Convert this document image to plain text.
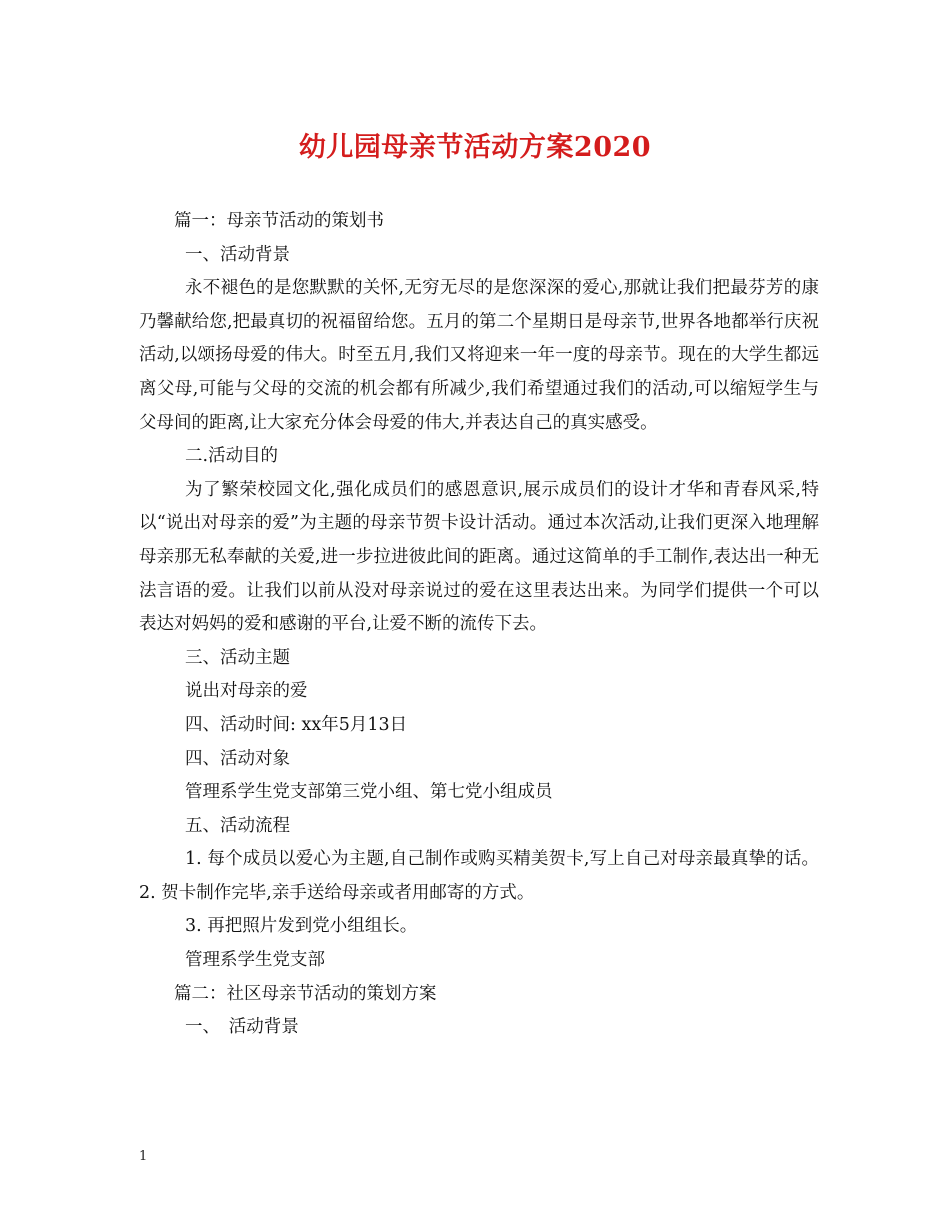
幼儿园母亲节活动方案2020

篇一：母亲节活动的策划书

一、活动背景

永不褪色的是您默默的关怀,无穷无尽的是您深深的爱心,那就让我们把最芬芳的康乃馨献给您,把最真切的祝福留给您。五月的第二个星期日是母亲节,世界各地都举行庆祝活动,以颂扬母爱的伟大。时至五月,我们又将迎来一年一度的母亲节。现在的大学生都远离父母,可能与父母的交流的机会都有所减少,我们希望通过我们的活动,可以缩短学生与父母间的距离,让大家充分体会母爱的伟大,并表达自己的真实感受。

二.活动目的

为了繁荣校园文化,强化成员们的感恩意识,展示成员们的设计才华和青春风采,特以“说出对母亲的爱”为主题的母亲节贺卡设计活动。通过本次活动,让我们更深入地理解母亲那无私奉献的关爱,进一步拉进彼此间的距离。通过这简单的手工制作,表达出一种无法言语的爱。让我们以前从没对母亲说过的爱在这里表达出来。为同学们提供一个可以表达对妈妈的爱和感谢的平台,让爱不断的流传下去。

三、活动主题

说出对母亲的爱

四、活动时间: xx年5月13日

四、活动对象

管理系学生党支部第三党小组、第七党小组成员

五、活动流程

1. 每个成员以爱心为主题,自己制作或购买精美贺卡,写上自己对母亲最真挚的话。 2. 贺卡制作完毕,亲手送给母亲或者用邮寄的方式。

3. 再把照片发到党小组组长。

管理系学生党支部

篇二：社区母亲节活动的策划方案

一、　活动背景

1
